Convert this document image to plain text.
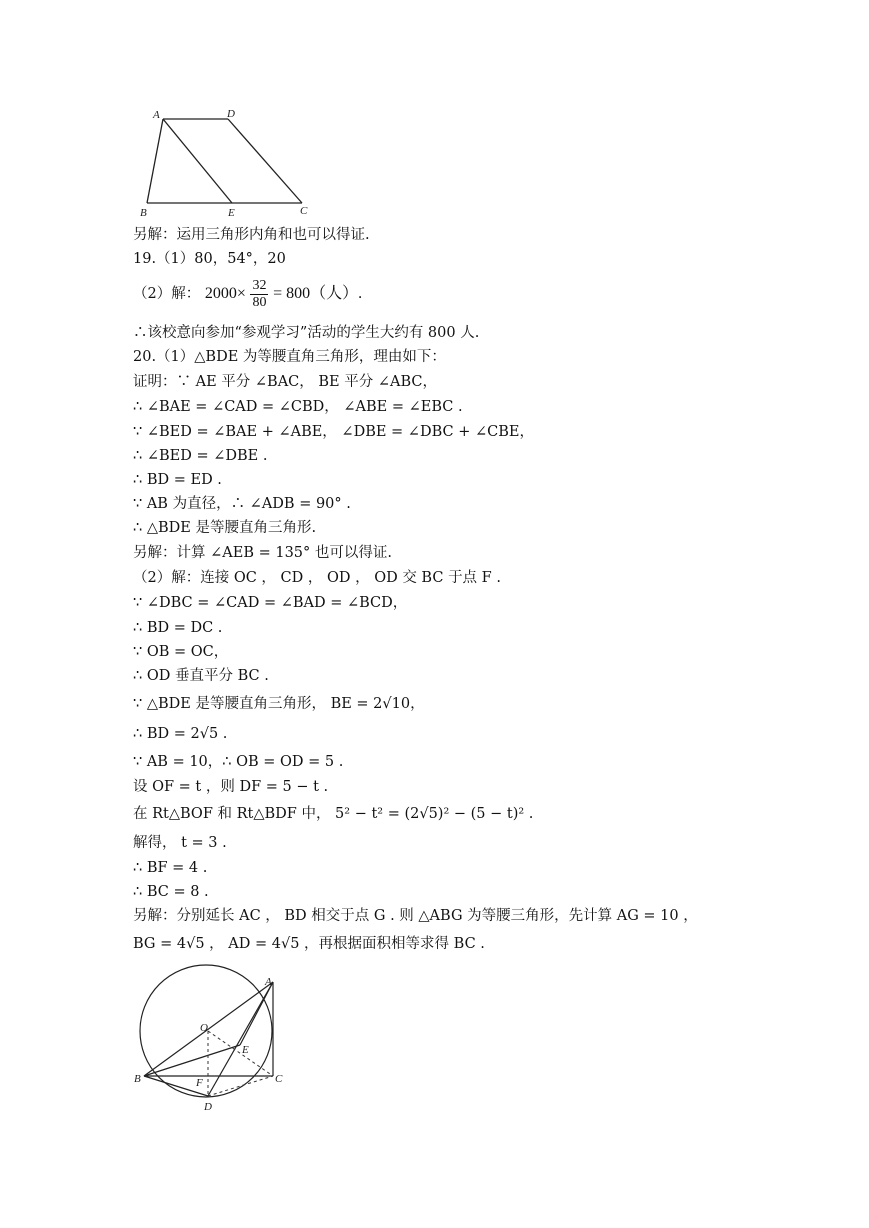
A	D
B	E	C
另解：运用三角形内角和也可以得证.
19.（1）80，54°，20
（2）解： $2000\times \frac{32}{80} = 800$（人）.
∴该校意向参加“参观学习”活动的学生大约有 800 人.
20.（1）△BDE 为等腰直角三角形，理由如下：
证明：∵ AE 平分 ∠BAC， BE 平分 ∠ABC，
∴ ∠BAE = ∠CAD = ∠CBD， ∠ABE = ∠EBC .
∵ ∠BED = ∠BAE + ∠ABE， ∠DBE = ∠DBC + ∠CBE，
∴ ∠BED = ∠DBE .
∴ BD = ED .
∵ AB 为直径，∴ ∠ADB = 90° .
∴ △BDE 是等腰直角三角形.
另解：计算 ∠AEB = 135° 也可以得证.
（2）解：连接 OC ， CD ， OD ， OD 交 BC 于点 F .
∵ ∠DBC = ∠CAD = ∠BAD = ∠BCD，
∴ BD = DC .
∵ OB = OC，
∴ OD 垂直平分 BC .
∵ △BDE 是等腰直角三角形， BE = 2√10，
∴ BD = 2√5 .
∵ AB = 10，∴ OB = OD = 5 .
设 OF = t ，则 DF = 5 − t .
在 Rt△BOF 和 Rt△BDF 中， 5² − t² = (2√5)² − (5 − t)² .
解得， t = 3 .
∴ BF = 4 .
∴ BC = 8 .
另解：分别延长 AC ， BD 相交于点 G . 则 △ABG 为等腰三角形，先计算 AG = 10 ，
BG = 4√5 ， AD = 4√5 ，再根据面积相等求得 BC .
A
O
E
B	F	C
D
